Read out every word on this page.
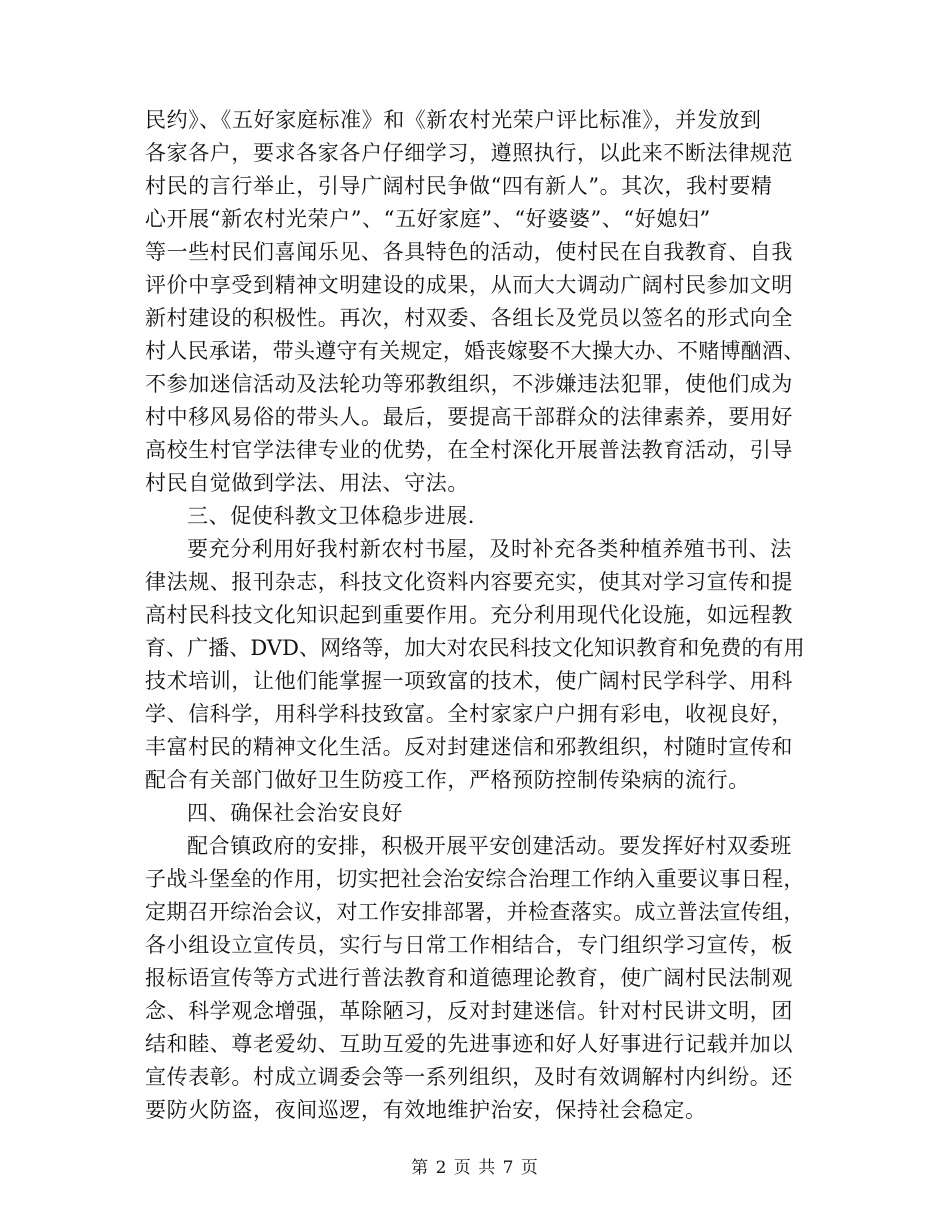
民约》、《五好家庭标准》和《新农村光荣户评比标准》，并发放到
各家各户，要求各家各户仔细学习，遵照执行，以此来不断法律规范
村民的言行举止，引导广阔村民争做“四有新人”。其次，我村要精
心开展“新农村光荣户”、“五好家庭”、“好婆婆”、“好媳妇”
等一些村民们喜闻乐见、各具特色的活动，使村民在自我教育、自我
评价中享受到精神文明建设的成果，从而大大调动广阔村民参加文明
新村建设的积极性。再次，村双委、各组长及党员以签名的形式向全
村人民承诺，带头遵守有关规定，婚丧嫁娶不大操大办、不赌博酗酒、
不参加迷信活动及法轮功等邪教组织，不涉嫌违法犯罪，使他们成为
村中移风易俗的带头人。最后，要提高干部群众的法律素养，要用好
高校生村官学法律专业的优势，在全村深化开展普法教育活动，引导
村民自觉做到学法、用法、守法。
三、促使科教文卫体稳步进展.
要充分利用好我村新农村书屋，及时补充各类种植养殖书刊、法
律法规、报刊杂志，科技文化资料内容要充实，使其对学习宣传和提
高村民科技文化知识起到重要作用。充分利用现代化设施，如远程教
育、广播、DVD、网络等，加大对农民科技文化知识教育和免费的有用
技术培训，让他们能掌握一项致富的技术，使广阔村民学科学、用科
学、信科学，用科学科技致富。全村家家户户拥有彩电，收视良好，
丰富村民的精神文化生活。反对封建迷信和邪教组织，村随时宣传和
配合有关部门做好卫生防疫工作，严格预防控制传染病的流行。
四、确保社会治安良好
配合镇政府的安排，积极开展平安创建活动。要发挥好村双委班
子战斗堡垒的作用，切实把社会治安综合治理工作纳入重要议事日程，
定期召开综治会议，对工作安排部署，并检查落实。成立普法宣传组，
各小组设立宣传员，实行与日常工作相结合，专门组织学习宣传，板
报标语宣传等方式进行普法教育和道德理论教育，使广阔村民法制观
念、科学观念增强，革除陋习，反对封建迷信。针对村民讲文明，团
结和睦、尊老爱幼、互助互爱的先进事迹和好人好事进行记载并加以
宣传表彰。村成立调委会等一系列组织，及时有效调解村内纠纷。还
要防火防盗，夜间巡逻，有效地维护治安，保持社会稳定。
第 2 页 共 7 页
